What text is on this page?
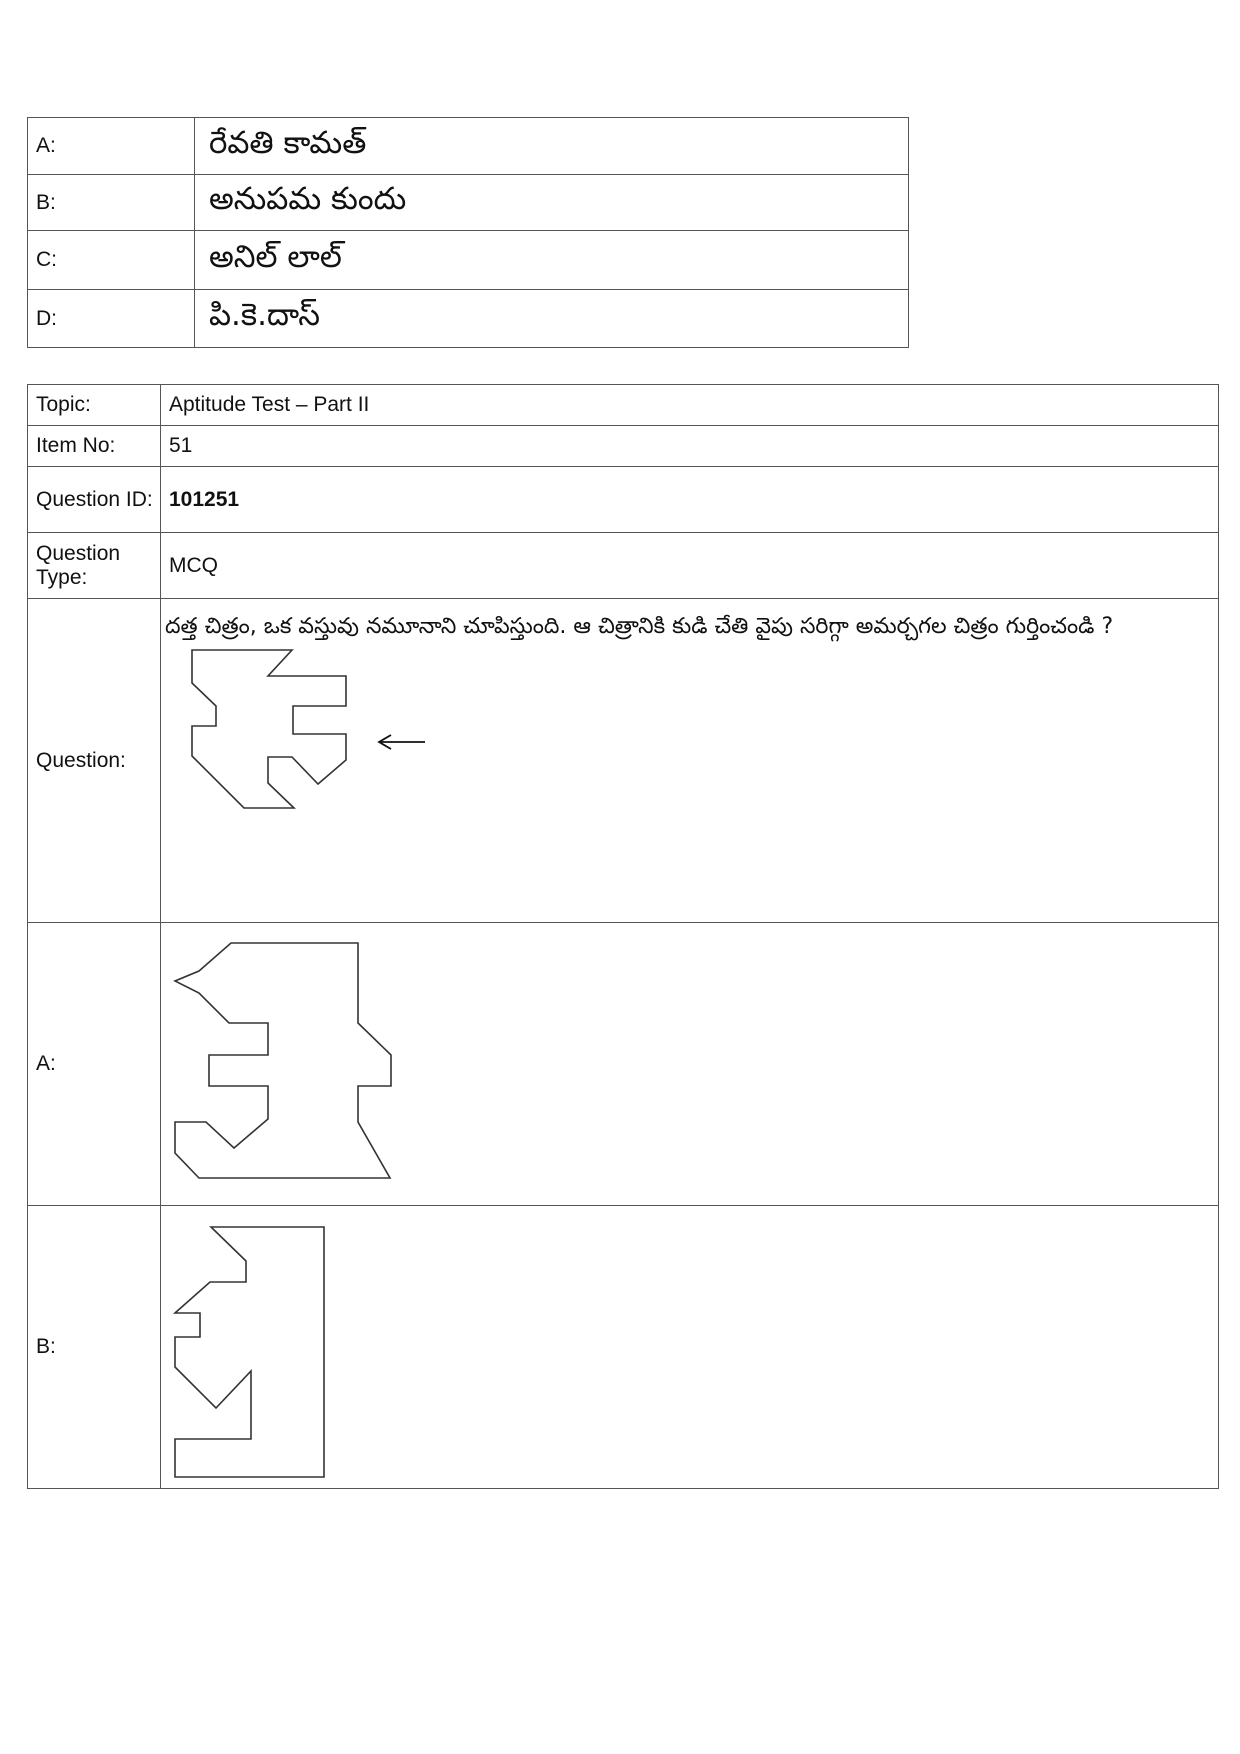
A:	రేవతి కామత్
B:	అనుపమ కుందు
C:	అనిల్ లాల్
D:	పి.కె.దాస్
Topic:	Aptitude Test – Part II
Item No:	51
Question ID:	101251
Question Type:	MCQ
Question:	దత్త చిత్రం, ఒక వస్తువు నమూనాని చూపిస్తుంది. ఆ చిత్రానికి కుడి చేతి వైపు సరిగ్గా అమర్చగల చిత్రం గుర్తించండి ?

A:	

B:	
